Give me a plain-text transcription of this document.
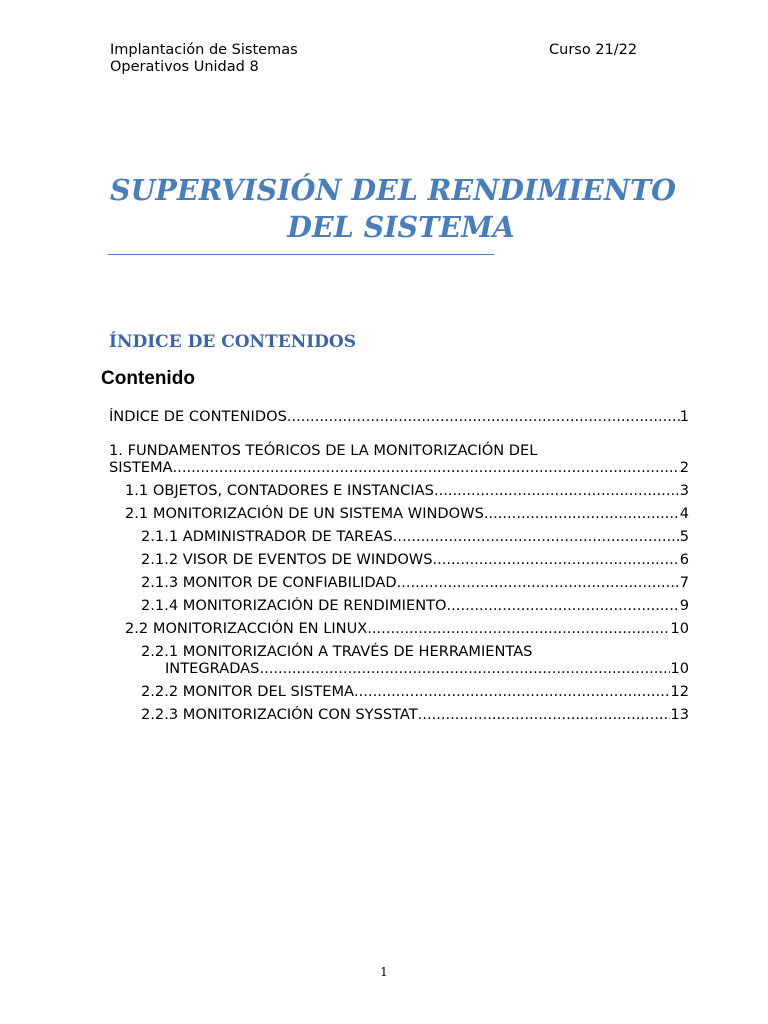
Implantación de Sistemas
Operativos Unidad 8
Curso 21/22
SUPERVISIÓN DEL RENDIMIENTO
DEL SISTEMA
ÍNDICE DE CONTENIDOS
Contenido
ÍNDICE DE CONTENIDOS .....	1
1. FUNDAMENTOS TEÓRICOS DE LA MONITORIZACIÓN DEL
SISTEMA .....	2
1.1 OBJETOS, CONTADORES E INSTANCIAS .....	3
2.1 MONITORIZACIÓN DE UN SISTEMA WINDOWS .....	4
2.1.1 ADMINISTRADOR DE TAREAS .....	5
2.1.2 VISOR DE EVENTOS DE WINDOWS .....	6
2.1.3 MONITOR DE CONFIABILIDAD .....	7
2.1.4 MONITORIZACIÓN DE RENDIMIENTO .....	9
2.2 MONITORIZACCIÓN EN LINUX .....	10
2.2.1 MONITORIZACIÓN A TRAVÉS DE HERRAMIENTAS
INTEGRADAS .....	10
2.2.2 MONITOR DEL SISTEMA .....	12
2.2.3 MONITORIZACIÓN CON SYSSTAT .....	13
1
